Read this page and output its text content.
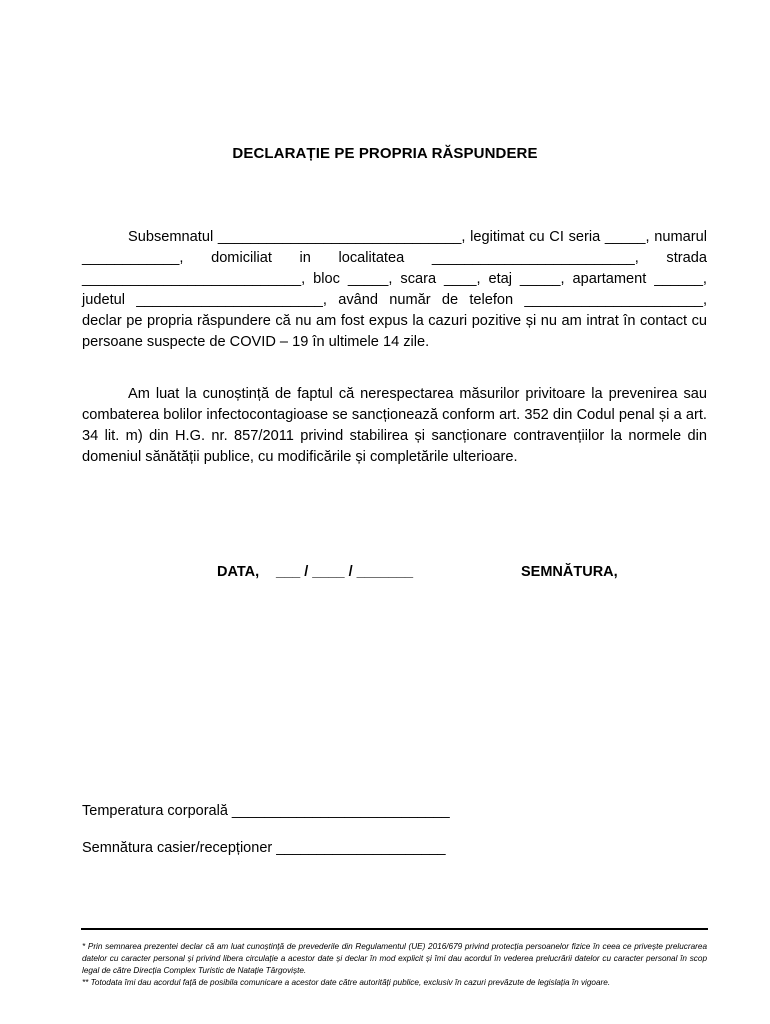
DECLARAȚIE PE PROPRIA RĂSPUNDERE
Subsemnatul ______________________________, legitimat cu CI seria _____, numarul ____________, domiciliat in localitatea _________________________, strada ___________________________, bloc _____, scara ____, etaj _____, apartament ______, judetul _______________________, având număr de telefon ______________________, declar pe propria răspundere că nu am fost expus la cazuri pozitive și nu am intrat în contact cu persoane suspecte de COVID – 19 în ultimele 14 zile.
Am luat la cunoștință de faptul că nerespectarea măsurilor privitoare la prevenirea sau combaterea bolilor infectocontagioase se sancționează conform art. 352 din Codul penal și a art. 34 lit. m) din H.G. nr. 857/2011 privind stabilirea și sancționare contravențiilor la normele din domeniul sănătății publice, cu modificările și completările ulterioare.
DATA, ___ / ____ / _______	SEMNĂTURA,
Temperatura corporală ___________________________
Semnătura casier/recepționer _____________________

* Prin semnarea prezentei declar că am luat cunoștință de prevederile din Regulamentul (UE) 2016/679 privind protecția persoanelor fizice în ceea ce privește prelucrarea datelor cu caracter personal și privind libera circulație a acestor date și declar în mod explicit și îmi dau acordul în vederea prelucrării datelor cu caracter personal în scop legal de către Direcția Complex Turistic de Natație Târgoviște.

** Totodata îmi dau acordul față de posibila comunicare a acestor date către autorități publice, exclusiv în cazuri prevăzute de legislația în vigoare.
